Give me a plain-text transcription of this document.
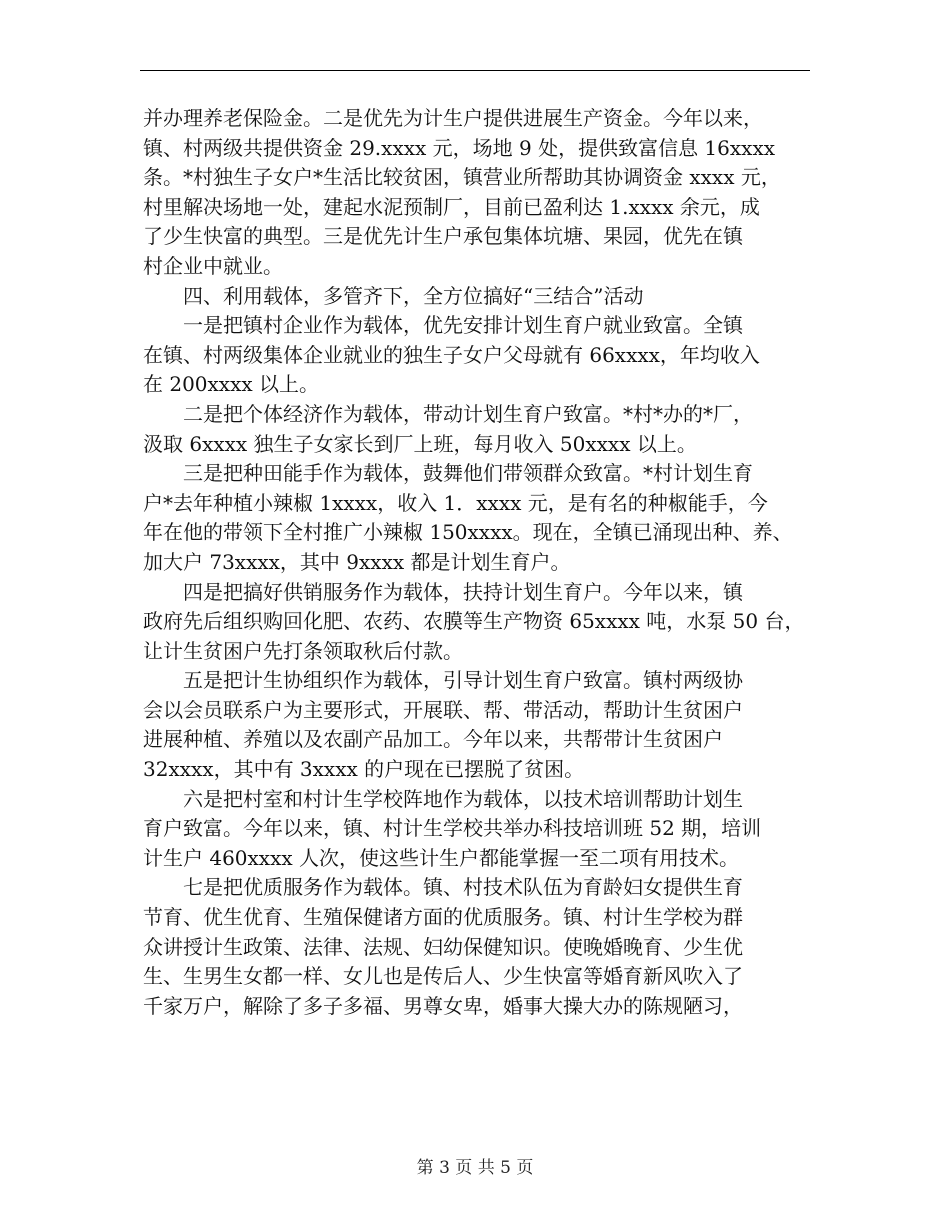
并办理养老保险金。二是优先为计生户提供进展生产资金。今年以来，
镇、村两级共提供资金 29.xxxx 元，场地 9 处，提供致富信息 16xxxx
条。*村独生子女户*生活比较贫困，镇营业所帮助其协调资金 xxxx 元，
村里解决场地一处，建起水泥预制厂，目前已盈利达 1.xxxx 余元，成
了少生快富的典型。三是优先计生户承包集体坑塘、果园，优先在镇
村企业中就业。
四、利用载体，多管齐下，全方位搞好“三结合”活动
一是把镇村企业作为载体，优先安排计划生育户就业致富。全镇
在镇、村两级集体企业就业的独生子女户父母就有 66xxxx，年均收入
在 200xxxx 以上。
二是把个体经济作为载体，带动计划生育户致富。*村*办的*厂，
汲取 6xxxx 独生子女家长到厂上班，每月收入 50xxxx 以上。
三是把种田能手作为载体，鼓舞他们带领群众致富。*村计划生育
户*去年种植小辣椒 1xxxx，收入 1．xxxx 元，是有名的种椒能手，今
年在他的带领下全村推广小辣椒 150xxxx。现在，全镇已涌现出种、养、
加大户 73xxxx，其中 9xxxx 都是计划生育户。
四是把搞好供销服务作为载体，扶持计划生育户。今年以来，镇
政府先后组织购回化肥、农药、农膜等生产物资 65xxxx 吨，水泵 50 台，
让计生贫困户先打条领取秋后付款。
五是把计生协组织作为载体，引导计划生育户致富。镇村两级协
会以会员联系户为主要形式，开展联、帮、带活动，帮助计生贫困户
进展种植、养殖以及农副产品加工。今年以来，共帮带计生贫困户
32xxxx，其中有 3xxxx 的户现在已摆脱了贫困。
六是把村室和村计生学校阵地作为载体，以技术培训帮助计划生
育户致富。今年以来，镇、村计生学校共举办科技培训班 52 期，培训
计生户 460xxxx 人次，使这些计生户都能掌握一至二项有用技术。
七是把优质服务作为载体。镇、村技术队伍为育龄妇女提供生育
节育、优生优育、生殖保健诸方面的优质服务。镇、村计生学校为群
众讲授计生政策、法律、法规、妇幼保健知识。使晚婚晚育、少生优
生、生男生女都一样、女儿也是传后人、少生快富等婚育新风吹入了
千家万户，解除了多子多福、男尊女卑，婚事大操大办的陈规陋习，
第 3 页 共 5 页
